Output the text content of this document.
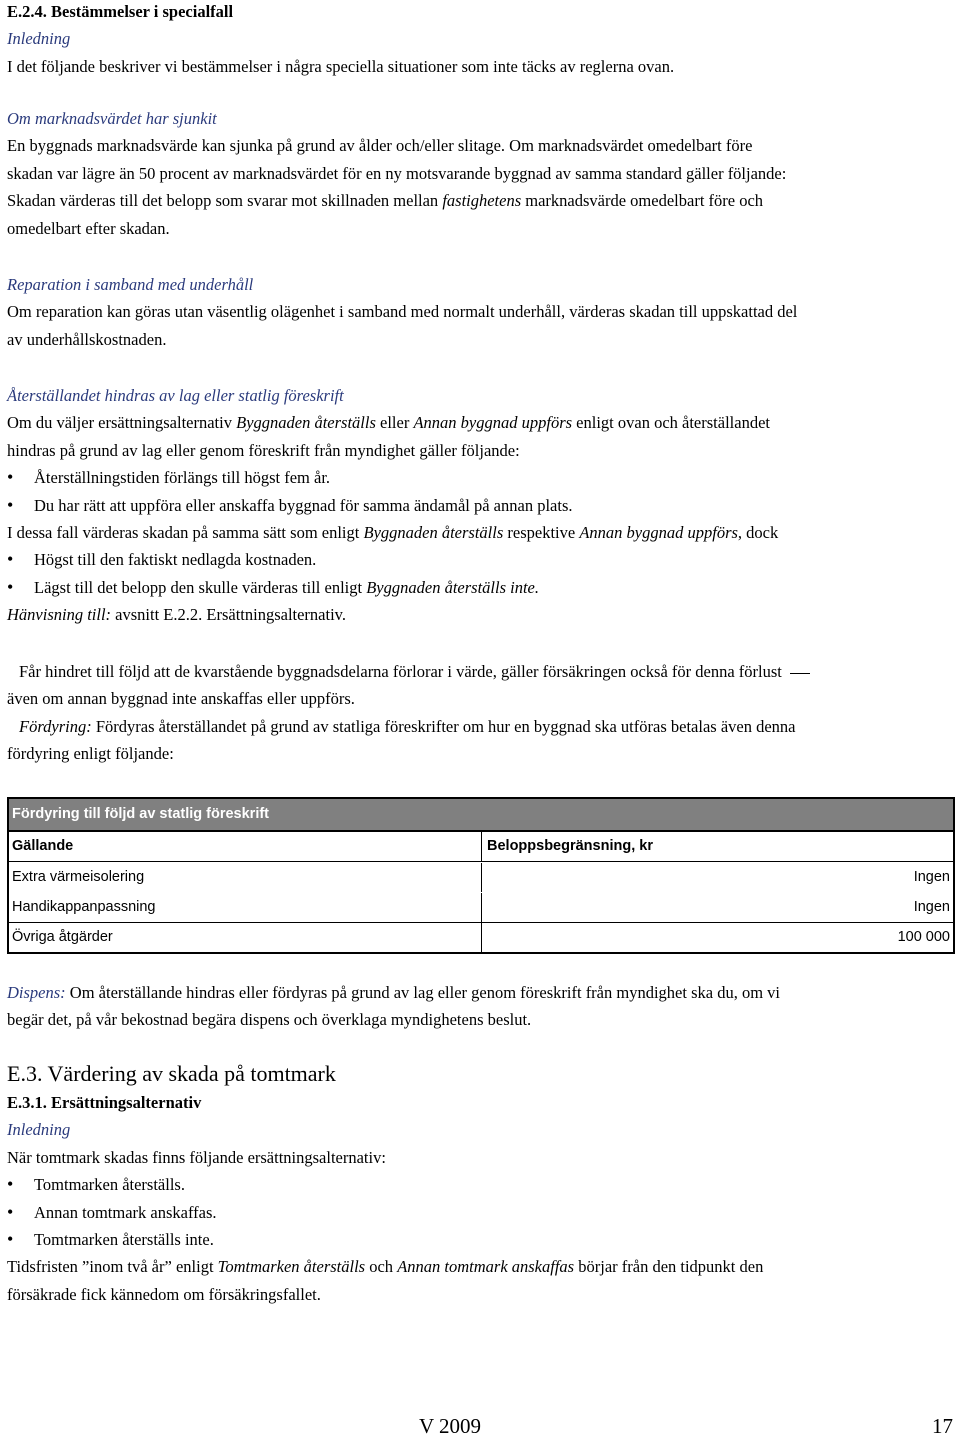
E.2.4. Bestämmelser i specialfall
Inledning
I det följande beskriver vi bestämmelser i några speciella situationer som inte täcks av reglerna ovan.
Om marknadsvärdet har sjunkit
En byggnads marknadsvärde kan sjunka på grund av ålder och/eller slitage. Om marknadsvärdet omedelbart före
skadan var lägre än 50 procent av marknadsvärdet för en ny motsvarande byggnad av samma standard gäller följande:
Skadan värderas till det belopp som svarar mot skillnaden mellan fastighetens marknadsvärde omedelbart före och
omedelbart efter skadan.
Reparation i samband med underhåll
Om reparation kan göras utan väsentlig olägenhet i samband med normalt underhåll, värderas skadan till uppskattad del
av underhållskostnaden.
Återställandet hindras av lag eller statlig föreskrift
Om du väljer ersättningsalternativ Byggnaden återställs eller Annan byggnad uppförs enligt ovan och återställandet
hindras på grund av lag eller genom föreskrift från myndighet gäller följande:
• Återställningstiden förlängs till högst fem år.
• Du har rätt att uppföra eller anskaffa byggnad för samma ändamål på annan plats.
I dessa fall värderas skadan på samma sätt som enligt Byggnaden återställs respektive Annan byggnad uppförs, dock
• Högst till den faktiskt nedlagda kostnaden.
• Lägst till det belopp den skulle värderas till enligt Byggnaden återställs inte.
Hänvisning till: avsnitt E.2.2. Ersättningsalternativ.
Får hindret till följd att de kvarstående byggnadsdelarna förlorar i värde, gäller försäkringen också för denna förlust
även om annan byggnad inte anskaffas eller uppförs.
Fördyring: Fördyras återställandet på grund av statliga föreskrifter om hur en byggnad ska utföras betalas även denna
fördyring enligt följande:
Fördyring till följd av statlig föreskrift
Gällande	Beloppsbegränsning, kr
Extra värmeisolering	Ingen
Handikappanpassning	Ingen
Övriga åtgärder	100 000
Dispens: Om återställande hindras eller fördyras på grund av lag eller genom föreskrift från myndighet ska du, om vi
begär det, på vår bekostnad begära dispens och överklaga myndighetens beslut.
E.3. Värdering av skada på tomtmark
E.3.1. Ersättningsalternativ
Inledning
När tomtmark skadas finns följande ersättningsalternativ:
• Tomtmarken återställs.
• Annan tomtmark anskaffas.
• Tomtmarken återställs inte.
Tidsfristen ”inom två år” enligt Tomtmarken återställs och Annan tomtmark anskaffas börjar från den tidpunkt den
försäkrade fick kännedom om försäkringsfallet.
V 2009	17
